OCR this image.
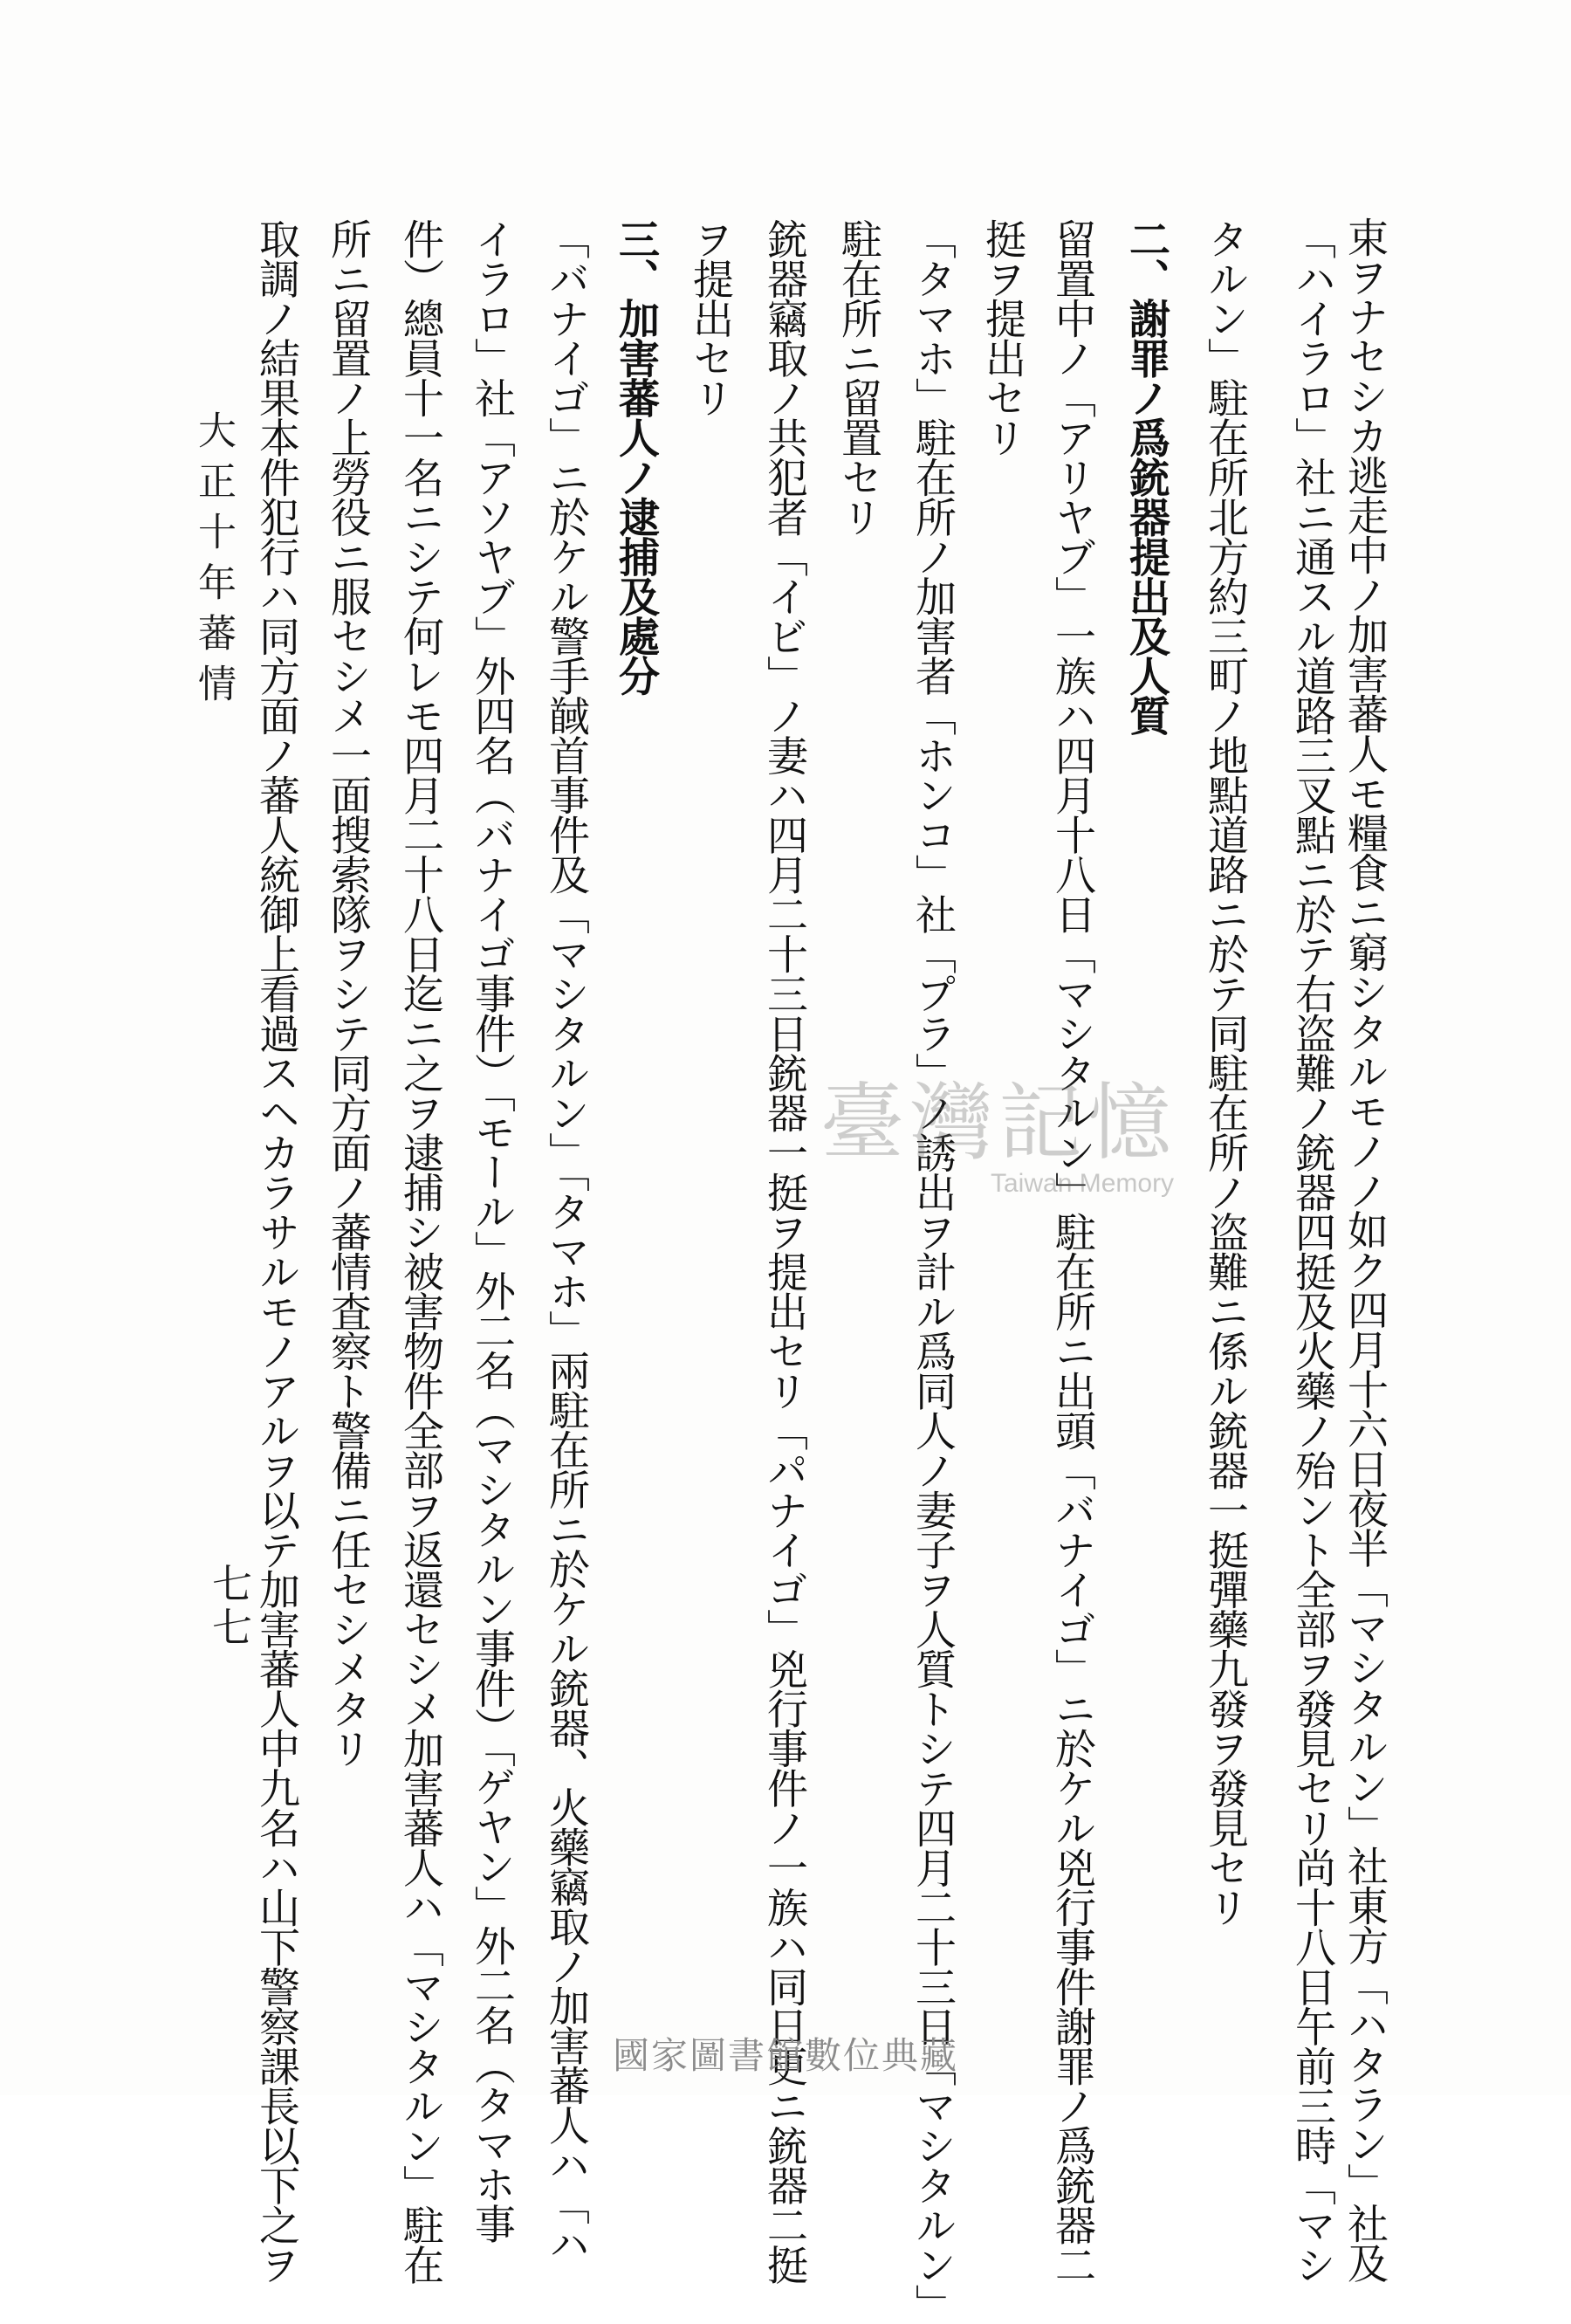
束ヲナセシカ逃走中ノ加害蕃人モ糧食ニ窮シタルモノノ如ク四月十六日夜半「マシタルン」社東方「ハタラン」社及
「ハイラロ」社ニ通スル道路三叉點ニ於テ右盗難ノ銃器四挺及火藥ノ殆ント全部ヲ發見セリ尚十八日午前三時「マシ
タルン」駐在所北方約三町ノ地點道路ニ於テ同駐在所ノ盗難ニ係ル銃器一挺彈藥九發ヲ發見セリ
二、謝罪ノ爲銃器提出及人質
留置中ノ「アリヤブ」一族ハ四月十八日「マシタルン」駐在所ニ出頭「バナイゴ」ニ於ケル兇行事件謝罪ノ爲銃器二
挺ヲ提出セリ
「タマホ」駐在所ノ加害者「ホンコ」社「プラ」ノ誘出ヲ計ル爲同人ノ妻子ヲ人質トシテ四月二十三日「マシタルン」
駐在所ニ留置セリ
銃器竊取ノ共犯者「イビ」ノ妻ハ四月二十三日銃器一挺ヲ提出セリ「パナイゴ」兇行事件ノ一族ハ同日更ニ銃器二挺
ヲ提出セリ
三、加害蕃人ノ逮捕及處分
「バナイゴ」ニ於ケル警手馘首事件及「マシタルン」「タマホ」兩駐在所ニ於ケル銃器、火藥竊取ノ加害蕃人ハ「ハ
イラロ」社「アソヤブ」外四名（バナイゴ事件）「モール」外二名（マシタルン事件）「ゲヤン」外二名（タマホ事
件）總員十一名ニシテ何レモ四月二十八日迄ニ之ヲ逮捕シ被害物件全部ヲ返還セシメ加害蕃人ハ「マシタルン」駐在
所ニ留置ノ上勞役ニ服セシメ一面搜索隊ヲシテ同方面ノ蕃情査察ト警備ニ任セシメタリ
取調ノ結果本件犯行ハ同方面ノ蕃人統御上看過スヘカラサルモノアルヲ以テ加害蕃人中九名ハ山下警察課長以下之ヲ
大正十年蕃情
七七
臺灣記憶
Taiwan Memory
國家圖書館數位典藏
